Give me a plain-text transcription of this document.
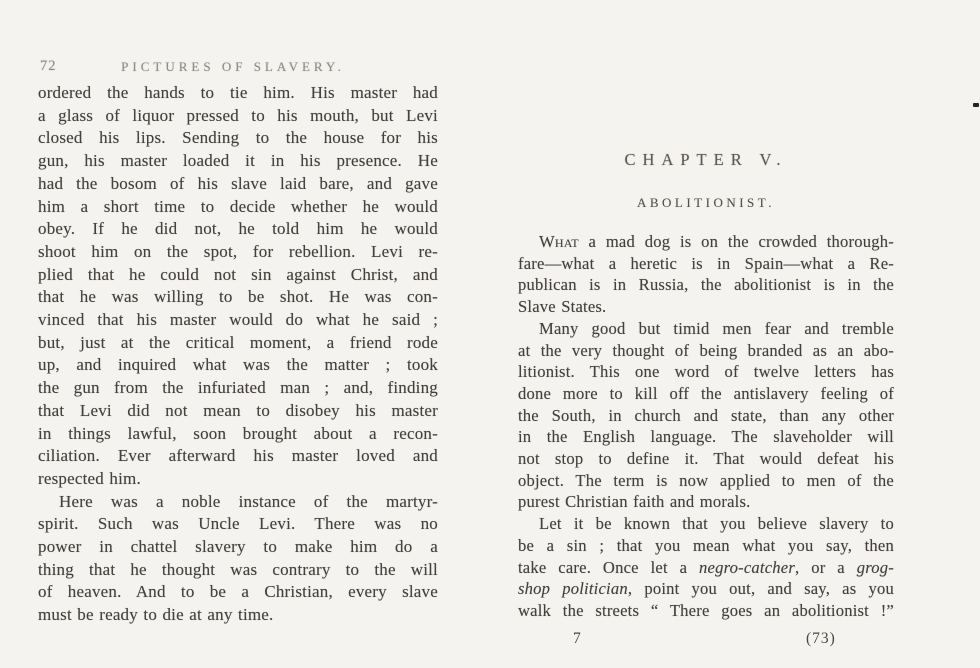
72	PICTURES OF SLAVERY.
ordered the hands to tie him. His master had
a glass of liquor pressed to his mouth, but Levi
closed his lips. Sending to the house for his
gun, his master loaded it in his presence. He
had the bosom of his slave laid bare, and gave
him a short time to decide whether he would
obey. If he did not, he told him he would
shoot him on the spot, for rebellion. Levi re-
plied that he could not sin against Christ, and
that he was willing to be shot. He was con-
vinced that his master would do what he said ;
but, just at the critical moment, a friend rode
up, and inquired what was the matter ; took
the gun from the infuriated man ; and, finding
that Levi did not mean to disobey his master
in things lawful, soon brought about a recon-
ciliation. Ever afterward his master loved and
respected him.
Here was a noble instance of the martyr-
spirit. Such was Uncle Levi. There was no
power in chattel slavery to make him do a
thing that he thought was contrary to the will
of heaven. And to be a Christian, every slave
must be ready to die at any time.
CHAPTER V.
ABOLITIONIST.
What a mad dog is on the crowded thorough-
fare—what a heretic is in Spain—what a Re-
publican is in Russia, the abolitionist is in the
Slave States.
Many good but timid men fear and tremble
at the very thought of being branded as an abo-
litionist. This one word of twelve letters has
done more to kill off the antislavery feeling of
the South, in church and state, than any other
in the English language. The slaveholder will
not stop to define it. That would defeat his
object. The term is now applied to men of the
purest Christian faith and morals.
Let it be known that you believe slavery to
be a sin ; that you mean what you say, then
take care. Once let a negro-catcher, or a grog-
shop politician, point you out, and say, as you
walk the streets “ There goes an abolitionist !”
7	(73)
